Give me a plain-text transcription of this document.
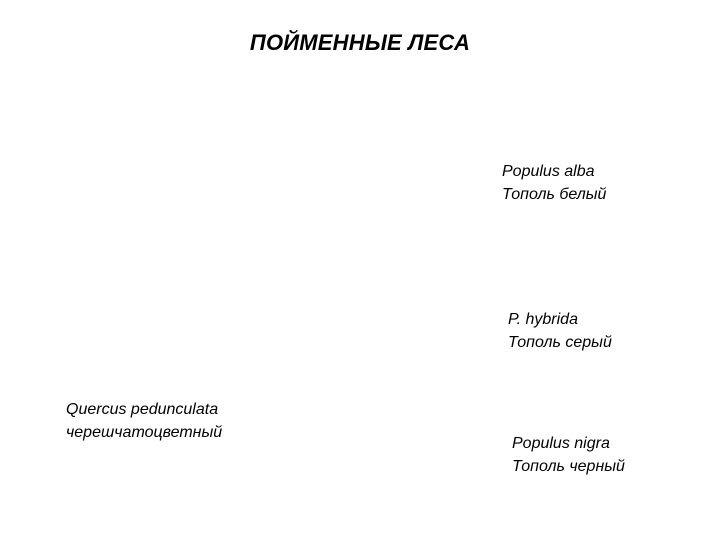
ПОЙМЕННЫЕ ЛЕСА
Populus alba
Тополь белый
P. hybrida
Тополь серый
Quercus pedunculata
черешчатоцветный
Populus nigra
Тополь черный
